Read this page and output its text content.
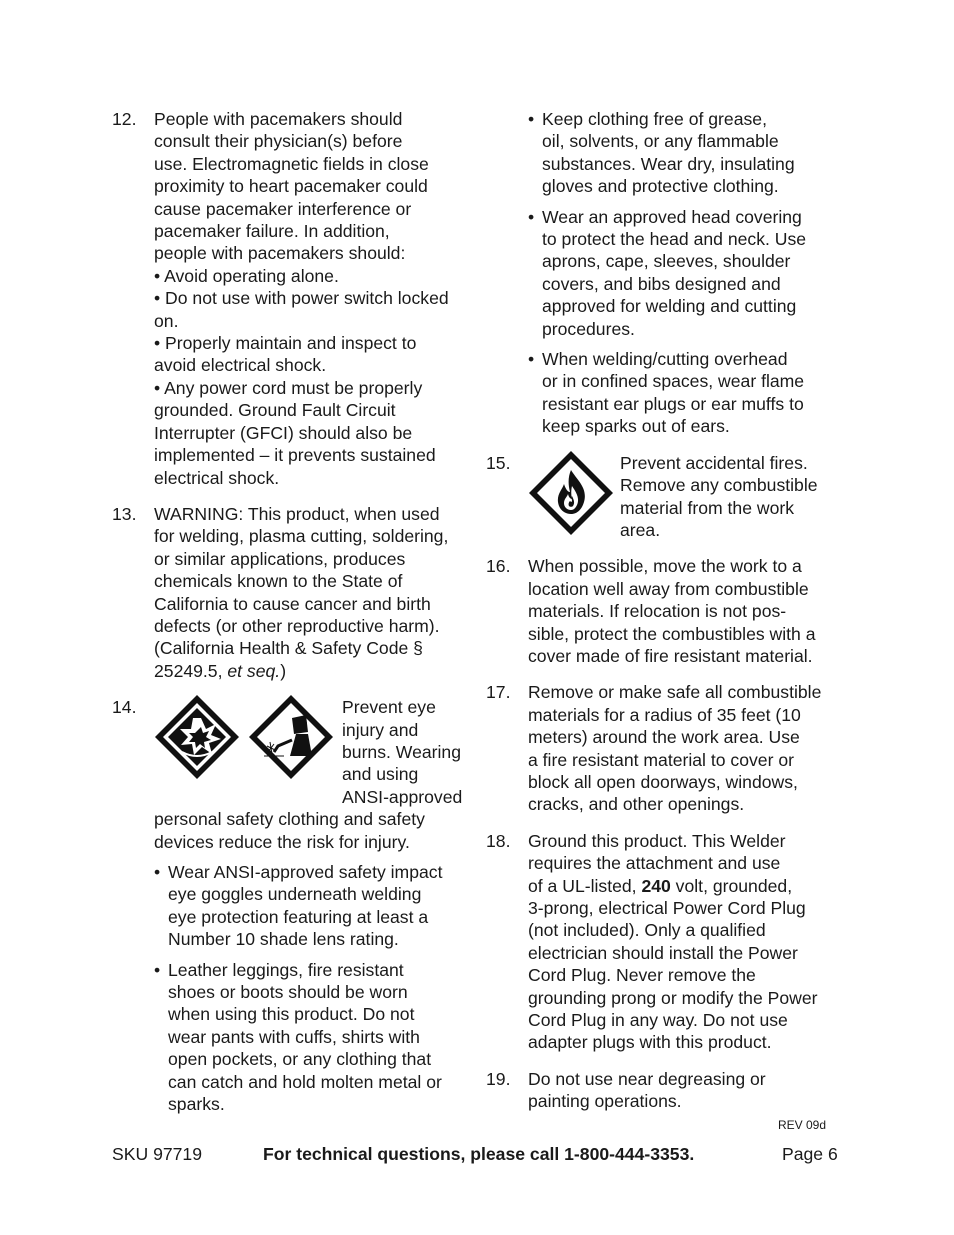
12. People with pacemakers should
consult their physician(s) before
use. Electromagnetic fields in close
proximity to heart pacemaker could
cause pacemaker interference or
pacemaker failure. In addition,
people with pacemakers should:
• Avoid operating alone.
• Do not use with power switch locked
on.
• Properly maintain and inspect to
avoid electrical shock.
• Any power cord must be properly
grounded. Ground Fault Circuit
Interrupter (GFCI) should also be
implemented – it prevents sustained
electrical shock.
13. WARNING: This product, when used
for welding, plasma cutting, soldering,
or similar applications, produces
chemicals known to the State of
California to cause cancer and birth
defects (or other reproductive harm).
(California Health & Safety Code §
25249.5, et seq.)
14.	Prevent eye
injury and
burns. Wearing
and using
ANSI-approved
personal safety clothing and safety
devices reduce the risk for injury.
• Wear ANSI-approved safety impact
eye goggles underneath welding
eye protection featuring at least a
Number 10 shade lens rating.
• Leather leggings, fire resistant
shoes or boots should be worn
when using this product. Do not
wear pants with cuffs, shirts with
open pockets, or any clothing that
can catch and hold molten metal or
sparks.
• Keep clothing free of grease,
oil, solvents, or any flammable
substances. Wear dry, insulating
gloves and protective clothing.
• Wear an approved head covering
to protect the head and neck. Use
aprons, cape, sleeves, shoulder
covers, and bibs designed and
approved for welding and cutting
procedures.
• When welding/cutting overhead
or in confined spaces, wear flame
resistant ear plugs or ear muffs to
keep sparks out of ears.
15.	Prevent accidental fires.
Remove any combustible
material from the work
area.
16. When possible, move the work to a
location well away from combustible
materials. If relocation is not pos-
sible, protect the combustibles with a
cover made of fire resistant material.
17. Remove or make safe all combustible
materials for a radius of 35 feet (10
meters) around the work area. Use
a fire resistant material to cover or
block all open doorways, windows,
cracks, and other openings.
18. Ground this product. This Welder
requires the attachment and use
of a UL-listed, 240 volt, grounded,
3-prong, electrical Power Cord Plug
(not included). Only a qualified
electrician should install the Power
Cord Plug. Never remove the
grounding prong or modify the Power
Cord Plug in any way. Do not use
adapter plugs with this product.
19. Do not use near degreasing or
painting operations.
REV 09d
SKU 97719	For technical questions, please call 1-800-444-3353.	Page 6
